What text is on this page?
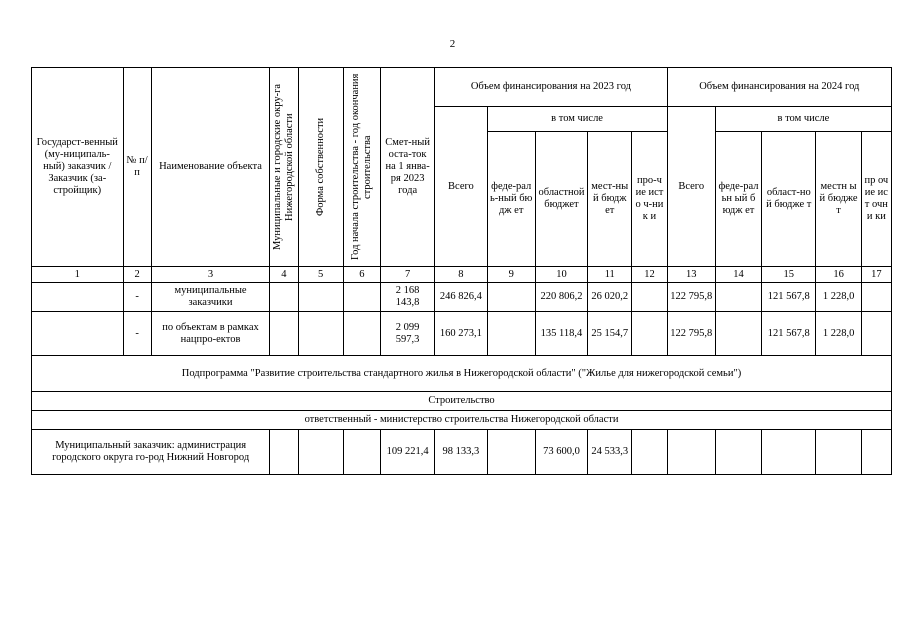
2
Государст-венный (му-ниципаль-ный) заказчик / Заказчик (за-стройщик)	№ п/п	Наименование объекта	Муниципальные и городские окру-га Нижегородской области	Форма собственности	Год начала строительства - год окончания строительства	Смет-ный оста-ток на 1 янва-ря 2023 года	Объем финансирования на 2023 год					Объем финансирования на 2024 год				
							Всего	в том числе				Всего	в том числе			
								феде-раль-ный бюдж ет	областной бюджет	мест-ный бюдж ет	про-чие исто ч-ник и		феде-ральн ый бюдж ет	област-ной бюдже т	местн ый бюдже т	пр оч ие ист очни ки
1	2	3	4	5	6	7	8	9	10	11	12	13	14	15	16	17
	-	муниципальные заказчики				2 168 143,8	246 826,4		220 806,2	26 020,2		122 795,8		121 567,8	1 228,0	
	-	по объектам в рамках нацпро-ектов				2 099 597,3	160 273,1		135 118,4	25 154,7		122 795,8		121 567,8	1 228,0	
Подпрограмма "Развитие строительства стандартного жилья в Нижегородской области" ("Жилье для нижегородской семьи")																
Строительство																
ответственный - министерство строительства Нижегородской области																
Муниципальный заказчик: администрация городского округа го-род Нижний Новгород						109 221,4	98 133,3		73 600,0	24 533,3						
